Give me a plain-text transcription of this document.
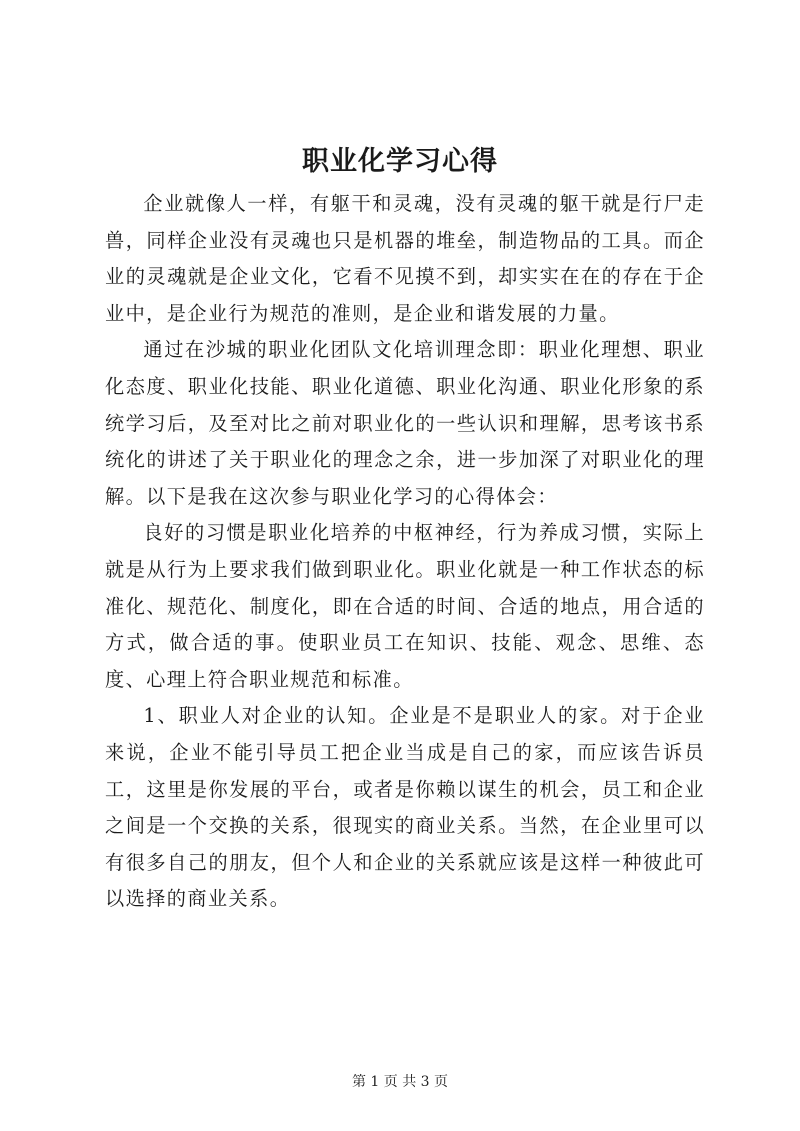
职业化学习心得

企业就像人一样，有躯干和灵魂，没有灵魂的躯干就是行尸走兽，同样企业没有灵魂也只是机器的堆垒，制造物品的工具。而企业的灵魂就是企业文化，它看不见摸不到，却实实在在的存在于企业中，是企业行为规范的准则，是企业和谐发展的力量。

通过在沙城的职业化团队文化培训理念即：职业化理想、职业化态度、职业化技能、职业化道德、职业化沟通、职业化形象的系统学习后，及至对比之前对职业化的一些认识和理解，思考该书系统化的讲述了关于职业化的理念之余，进一步加深了对职业化的理解。以下是我在这次参与职业化学习的心得体会：

良好的习惯是职业化培养的中枢神经，行为养成习惯，实际上就是从行为上要求我们做到职业化。职业化就是一种工作状态的标准化、规范化、制度化，即在合适的时间、合适的地点，用合适的方式，做合适的事。使职业员工在知识、技能、观念、思维、态度、心理上符合职业规范和标准。

1、职业人对企业的认知。企业是不是职业人的家。对于企业来说，企业不能引导员工把企业当成是自己的家，而应该告诉员工，这里是你发展的平台，或者是你赖以谋生的机会，员工和企业之间是一个交换的关系，很现实的商业关系。当然，在企业里可以有很多自己的朋友，但个人和企业的关系就应该是这样一种彼此可以选择的商业关系。

第 1 页 共 3 页
